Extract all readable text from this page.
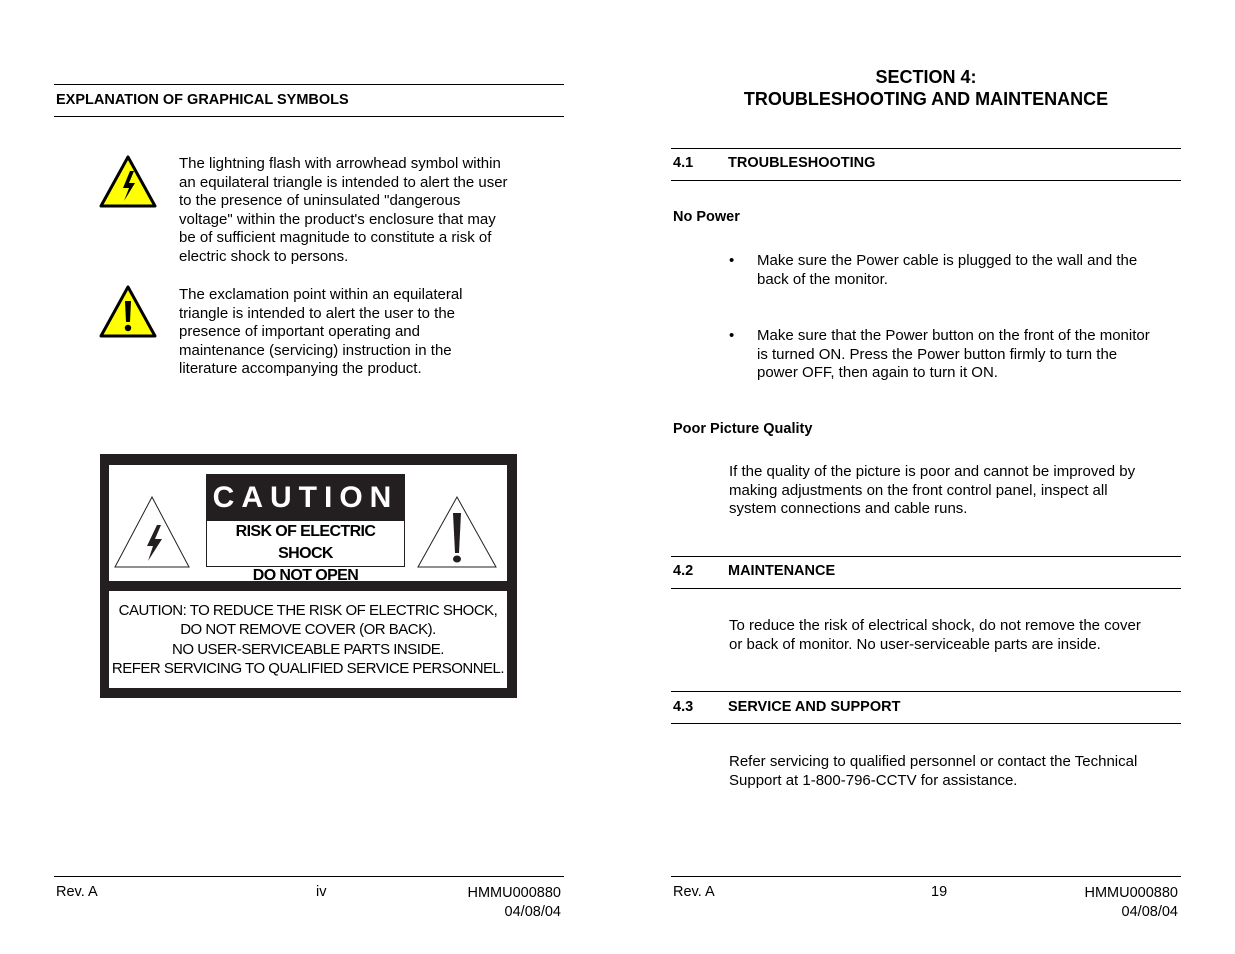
EXPLANATION OF GRAPHICAL SYMBOLS
The lightning flash with arrowhead symbol within
an equilateral triangle is intended to alert the user
to the presence of uninsulated "dangerous
voltage" within the product's enclosure that may
be of sufficient magnitude to constitute a risk of
electric shock to persons.
The exclamation point within an equilateral
triangle is intended to alert the user to the
presence of important operating and
maintenance (servicing) instruction in the
literature accompanying the product.
CAUTION
RISK OF ELECTRIC SHOCK
DO NOT OPEN
CAUTION: TO REDUCE THE RISK OF ELECTRIC SHOCK,
DO NOT REMOVE COVER (OR BACK).
NO USER-SERVICEABLE PARTS INSIDE.
REFER SERVICING TO QUALIFIED SERVICE PERSONNEL.
Rev. A	iv	HMMU000880
04/08/04
SECTION 4:
TROUBLESHOOTING AND MAINTENANCE
4.1 TROUBLESHOOTING
No Power
• Make sure the Power cable is plugged to the wall and the
back of the monitor.
• Make sure that the Power button on the front of the monitor
is turned ON. Press the Power button firmly to turn the
power OFF, then again to turn it ON.
Poor Picture Quality
If the quality of the picture is poor and cannot be improved by
making adjustments on the front control panel, inspect all
system connections and cable runs.
4.2 MAINTENANCE
To reduce the risk of electrical shock, do not remove the cover
or back of monitor. No user-serviceable parts are inside.
4.3 SERVICE AND SUPPORT
Refer servicing to qualified personnel or contact the Technical
Support at 1-800-796-CCTV for assistance.
Rev. A	19	HMMU000880
04/08/04
